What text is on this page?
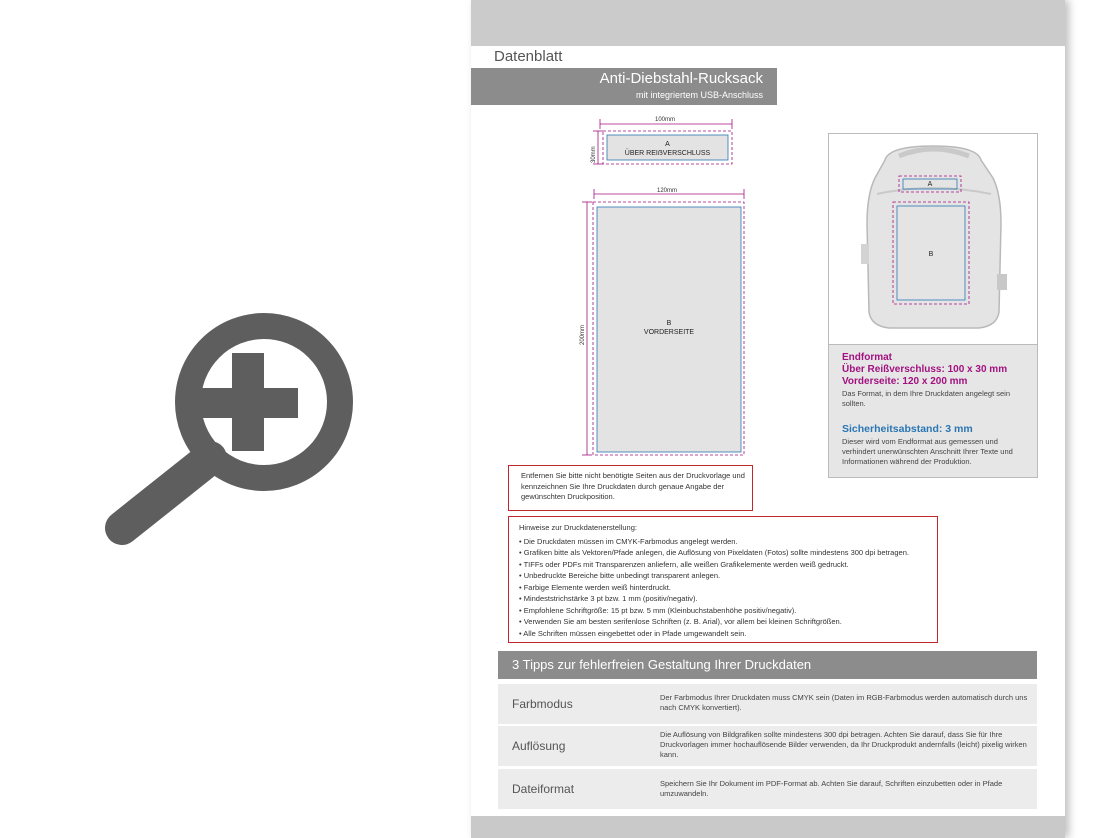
Datenblatt
Anti-Diebstahl-Rucksack
mit integriertem USB-Anschluss
100mm
30mm
A
ÜBER REIẞVERSCHLUSS
120mm
200mm
B
VORDERSEITE
A
B
Endformat
Über Reißverschluss: 100 x 30 mm
Vorderseite: 120 x 200 mm
Das Format, in dem Ihre Druckdaten angelegt sein sollten.
Sicherheitsabstand: 3 mm
Dieser wird vom Endformat aus gemessen und verhindert unerwünschten Anschnitt Ihrer Texte und Informationen während der Produktion.

Entfernen Sie bitte nicht benötigte Seiten aus der Druckvorlage und kennzeichnen Sie Ihre Druckdaten durch genaue Angabe der gewünschten Druckposition.

Hinweise zur Druckdatenerstellung:

• Die Druckdaten müssen im CMYK-Farbmodus angelegt werden.
• Grafiken bitte als Vektoren/Pfade anlegen, die Auflösung von Pixeldaten (Fotos) sollte mindestens 300 dpi betragen.
• TIFFs oder PDFs mit Transparenzen anliefern, alle weißen Grafikelemente werden weiß gedruckt.
• Unbedruckte Bereiche bitte unbedingt transparent anlegen.
• Farbige Elemente werden weiß hinterdruckt.
• Mindeststrichstärke 3 pt bzw. 1 mm (positiv/negativ).
• Empfohlene Schriftgröße: 15 pt bzw. 5 mm (Kleinbuchstabenhöhe positiv/negativ).
• Verwenden Sie am besten serifenlose Schriften (z. B. Arial), vor allem bei kleinen Schriftgrößen.
• Alle Schriften müssen eingebettet oder in Pfade umgewandelt sein.
3 Tipps zur fehlerfreien Gestaltung Ihrer Druckdaten
Farbmodus	Der Farbmodus Ihrer Druckdaten muss CMYK sein (Daten im RGB-Farbmodus werden automatisch durch uns nach CMYK konvertiert).
Auflösung
Die Auflösung von Bildgrafiken sollte mindestens 300 dpi betragen. Achten Sie darauf, dass Sie für Ihre Druckvorlagen immer hochauflösende Bilder verwenden, da Ihr Druckprodukt andernfalls (leicht) pixelig wirken kann.
Dateiformat	Speichern Sie Ihr Dokument im PDF-Format ab. Achten Sie darauf, Schriften einzubetten oder in Pfade umzuwandeln.
